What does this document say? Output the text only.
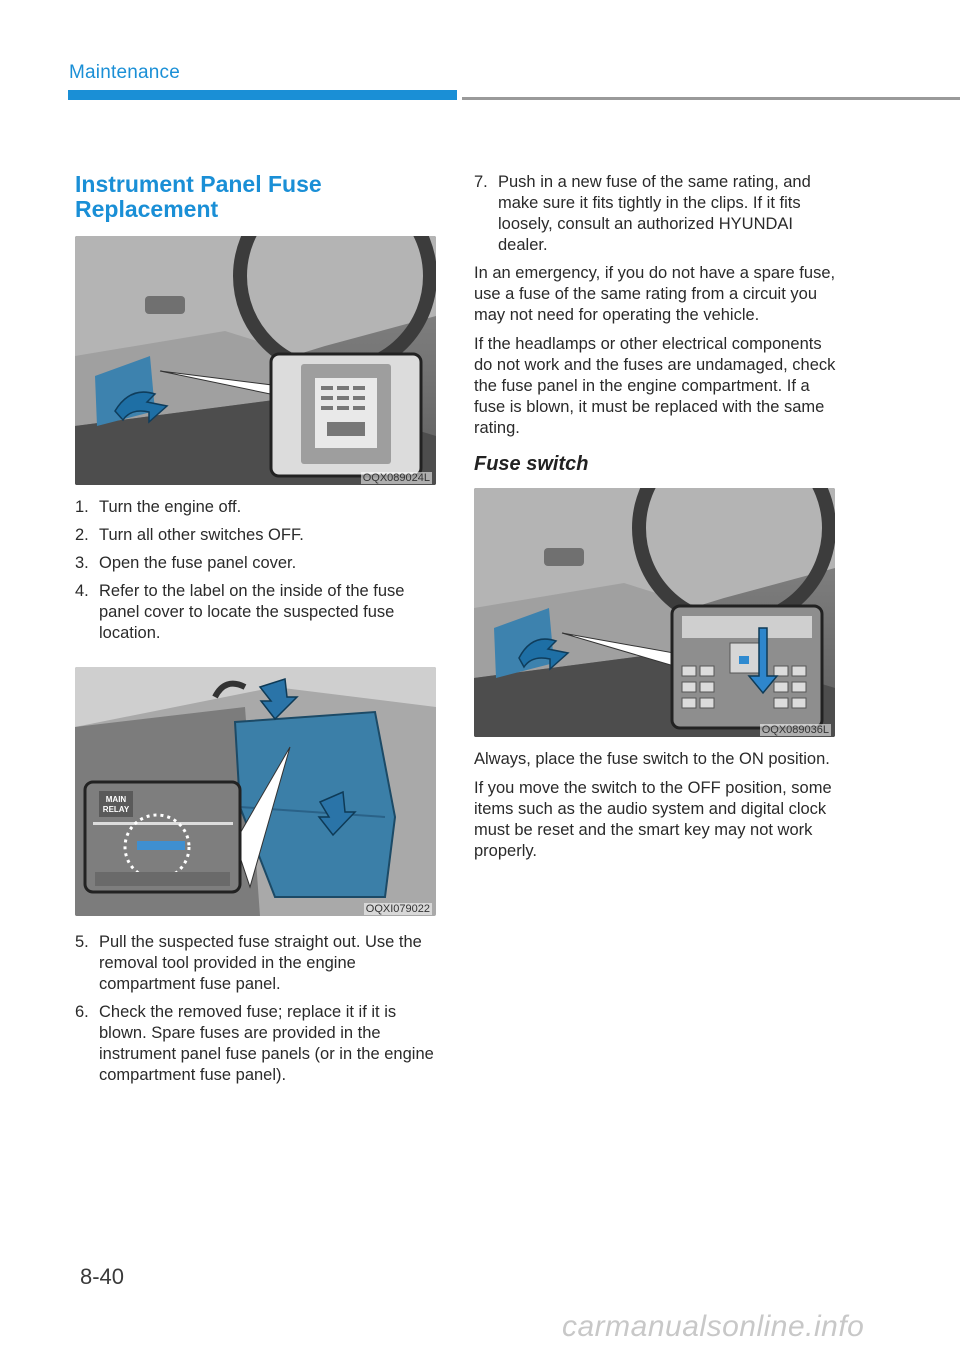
Maintenance
Instrument Panel Fuse
Replacement
OQX089024L
1. Turn the engine off.
2. Turn all other switches OFF.
3. Open the fuse panel cover.
4. Refer to the label on the inside of the fuse panel cover to locate the suspected fuse location.
MAIN
RELAY
OQXI079022
5. Pull the suspected fuse straight out. Use the removal tool provided in the engine compartment fuse panel.
6. Check the removed fuse; replace it if it is blown. Spare fuses are provided in the instrument panel fuse panels (or in the engine compartment fuse panel).
7. Push in a new fuse of the same rating, and make sure it fits tightly in the clips. If it fits loosely, consult an authorized HYUNDAI dealer.

In an emergency, if you do not have a spare fuse, use a fuse of the same rating from a circuit you may not need for operating the vehicle.

If the headlamps or other electrical components do not work and the fuses are undamaged, check the fuse panel in the engine compartment. If a fuse is blown, it must be replaced with the same rating.

Fuse switch
OQX089036L

Always, place the fuse switch to the ON position.

If you move the switch to the OFF position, some items such as the audio system and digital clock must be reset and the smart key may not work properly.

8-40
carmanualsonline.info
